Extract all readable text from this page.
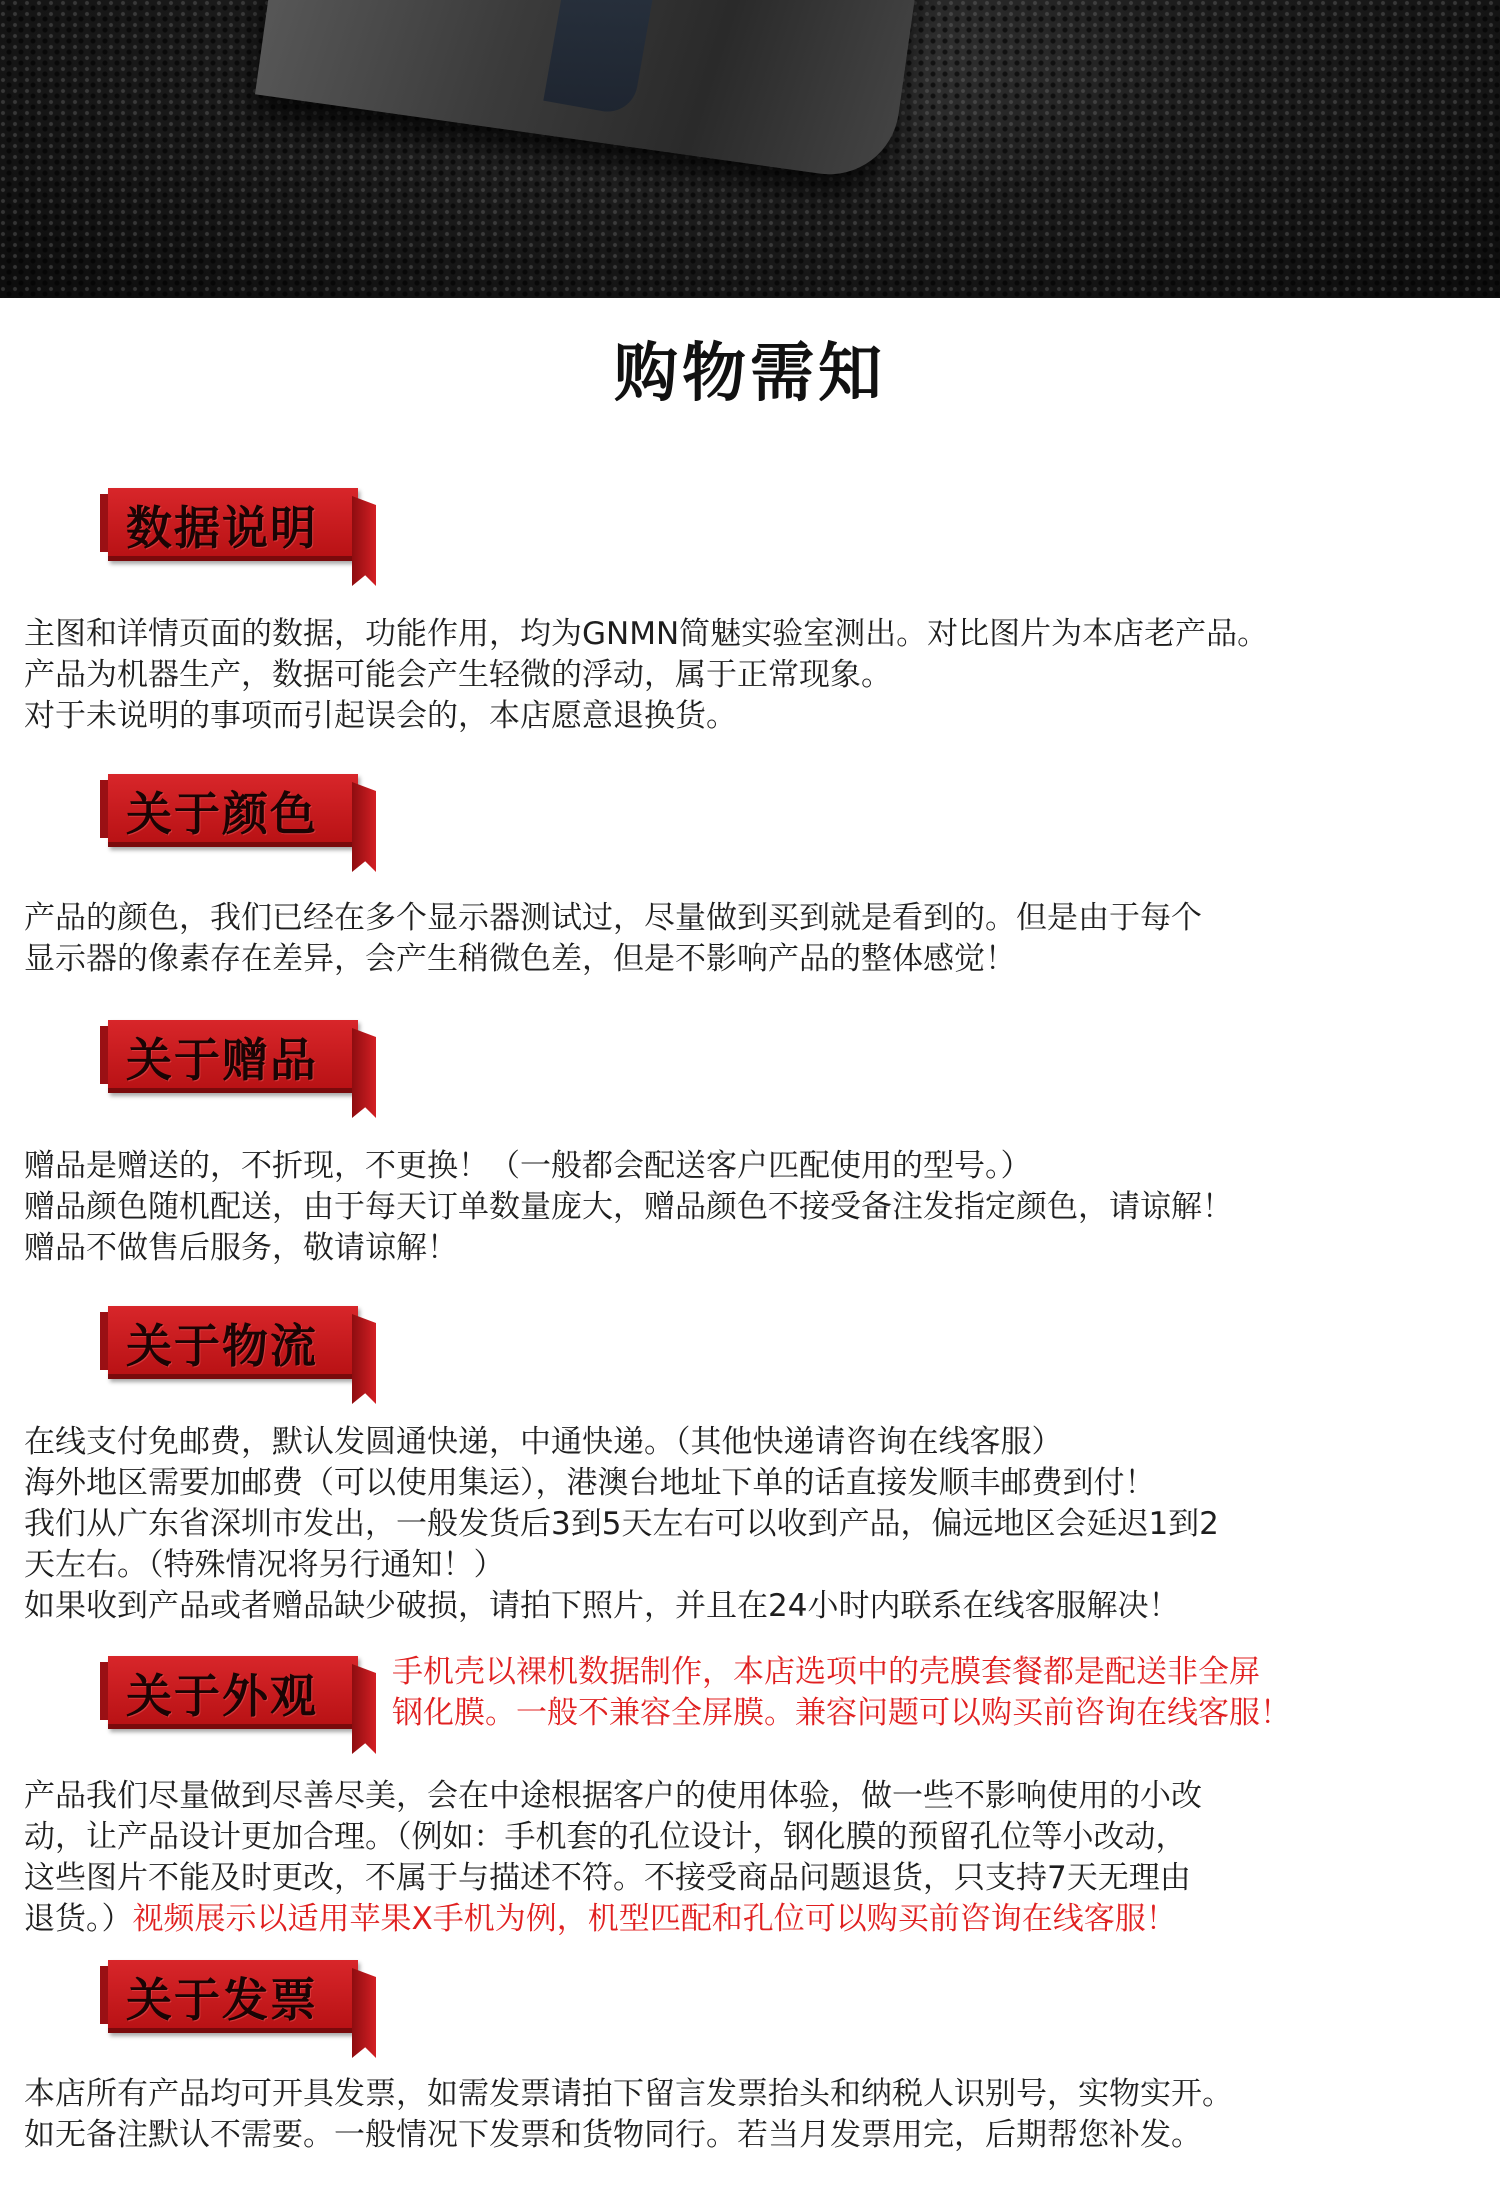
购物需知
数据说明
主图和详情页面的数据，功能作用，均为GNMN简魅实验室测出。对比图片为本店老产品。
产品为机器生产，数据可能会产生轻微的浮动，属于正常现象。
对于未说明的事项而引起误会的，本店愿意退换货。
关于颜色
产品的颜色，我们已经在多个显示器测试过，尽量做到买到就是看到的。但是由于每个
显示器的像素存在差异，会产生稍微色差，但是不影响产品的整体感觉！
关于赠品
赠品是赠送的，不折现，不更换！（一般都会配送客户匹配使用的型号。）
赠品颜色随机配送，由于每天订单数量庞大，赠品颜色不接受备注发指定颜色，请谅解！
赠品不做售后服务，敬请谅解！
关于物流
在线支付免邮费，默认发圆通快递，中通快递。（其他快递请咨询在线客服）
海外地区需要加邮费（可以使用集运），港澳台地址下单的话直接发顺丰邮费到付！
我们从广东省深圳市发出，一般发货后3到5天左右可以收到产品，偏远地区会延迟1到2
天左右。（特殊情况将另行通知！）
如果收到产品或者赠品缺少破损，请拍下照片，并且在24小时内联系在线客服解决！
关于外观 手机壳以裸机数据制作，本店选项中的壳膜套餐都是配送非全屏
钢化膜。一般不兼容全屏膜。兼容问题可以购买前咨询在线客服！
产品我们尽量做到尽善尽美，会在中途根据客户的使用体验，做一些不影响使用的小改
动，让产品设计更加合理。（例如：手机套的孔位设计，钢化膜的预留孔位等小改动，
这些图片不能及时更改，不属于与描述不符。不接受商品问题退货，只支持7天无理由
退货。）视频展示以适用苹果X手机为例，机型匹配和孔位可以购买前咨询在线客服！
关于发票
本店所有产品均可开具发票，如需发票请拍下留言发票抬头和纳税人识别号，实物实开。
如无备注默认不需要。一般情况下发票和货物同行。若当月发票用完，后期帮您补发。
